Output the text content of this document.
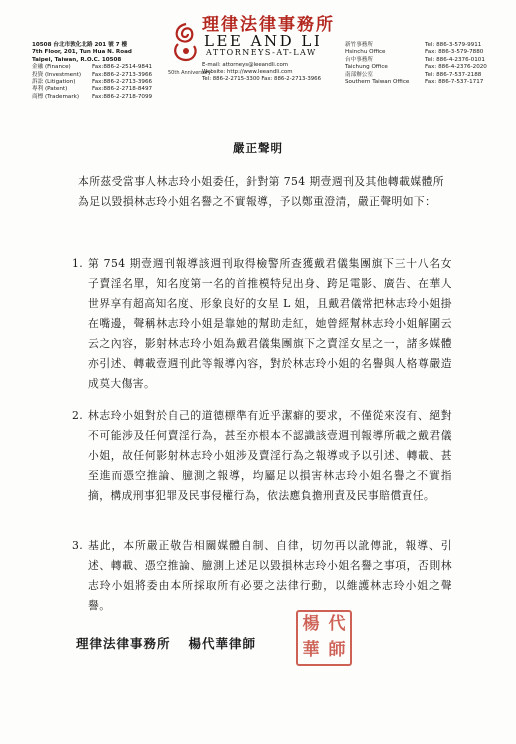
10508 台北市敦化北路 201 號 7 樓
7th Floor, 201, Tun Hua N. Road
Taipei, Taiwan, R.O.C. 10508
金融 (Finance)	Fax:886-2-2514-9841
投資 (Investment)	Fax:886-2-2713-3966
訴訟 (Litigation)	Fax:886-2-2713-3966
專利 (Patent)	Fax:886-2-2718-8497
商標 (Trademark)	Fax:886-2-2718-7099
50th Anniversary
理律法律事務所
LEE AND LI
ATTORNEYS-AT-LAW
E-mail: attorneys@leeandli.com
Website: http://www.leeandli.com
Tel: 886-2-2715-3300 Fax: 886-2-2713-3966
新竹事務所	Tel: 886-3-579-9911
Hsinchu Office	Fax: 886-3-579-7880
台中事務所	Tel: 886-4-2376-0101
Taichung Office	Fax: 886-4-2376-2020
南部辦公室	Tel: 886-7-537-2188
Southern Taiwan Office	Fax: 886-7-537-1717
嚴正聲明
本所茲受當事人林志玲小姐委任，針對第 754 期壹週刊及其他轉載媒體所為足以毀損林志玲小姐名譽之不實報導，予以鄭重澄清，嚴正聲明如下：
1. 第 754 期壹週刊報導該週刊取得檢警所查獲戴君儀集團旗下三十八名女子賣淫名單，知名度第一名的首推模特兒出身、跨足電影、廣告、在華人世界享有超高知名度、形象良好的女星 L 姐，且戴君儀常把林志玲小姐掛在嘴邊，聲稱林志玲小姐是靠她的幫助走紅，她曾經幫林志玲小姐解圍云云之內容，影射林志玲小姐為戴君儀集團旗下之賣淫女星之一，諸多媒體亦引述、轉載壹週刊此等報導內容，對於林志玲小姐的名譽與人格尊嚴造成莫大傷害。
2. 林志玲小姐對於自己的道德標準有近乎潔癖的要求，不僅從來沒有、絕對不可能涉及任何賣淫行為，甚至亦根本不認識該壹週刊報導所載之戴君儀小姐，故任何影射林志玲小姐涉及賣淫行為之報導或予以引述、轉載、甚至進而憑空推論、臆測之報導，均屬足以損害林志玲小姐名譽之不實指摘，構成刑事犯罪及民事侵權行為，依法應負擔刑責及民事賠償責任。
3. 基此，本所嚴正敬告相關媒體自制、自律，切勿再以訛傳訛，報導、引述、轉載、憑空推論、臆測上述足以毀損林志玲小姐名譽之事項，否則林志玲小姐將委由本所採取所有必要之法律行動，以維護林志玲小姐之聲譽。
理律法律事務所 楊代華律師
楊 代
華 師
